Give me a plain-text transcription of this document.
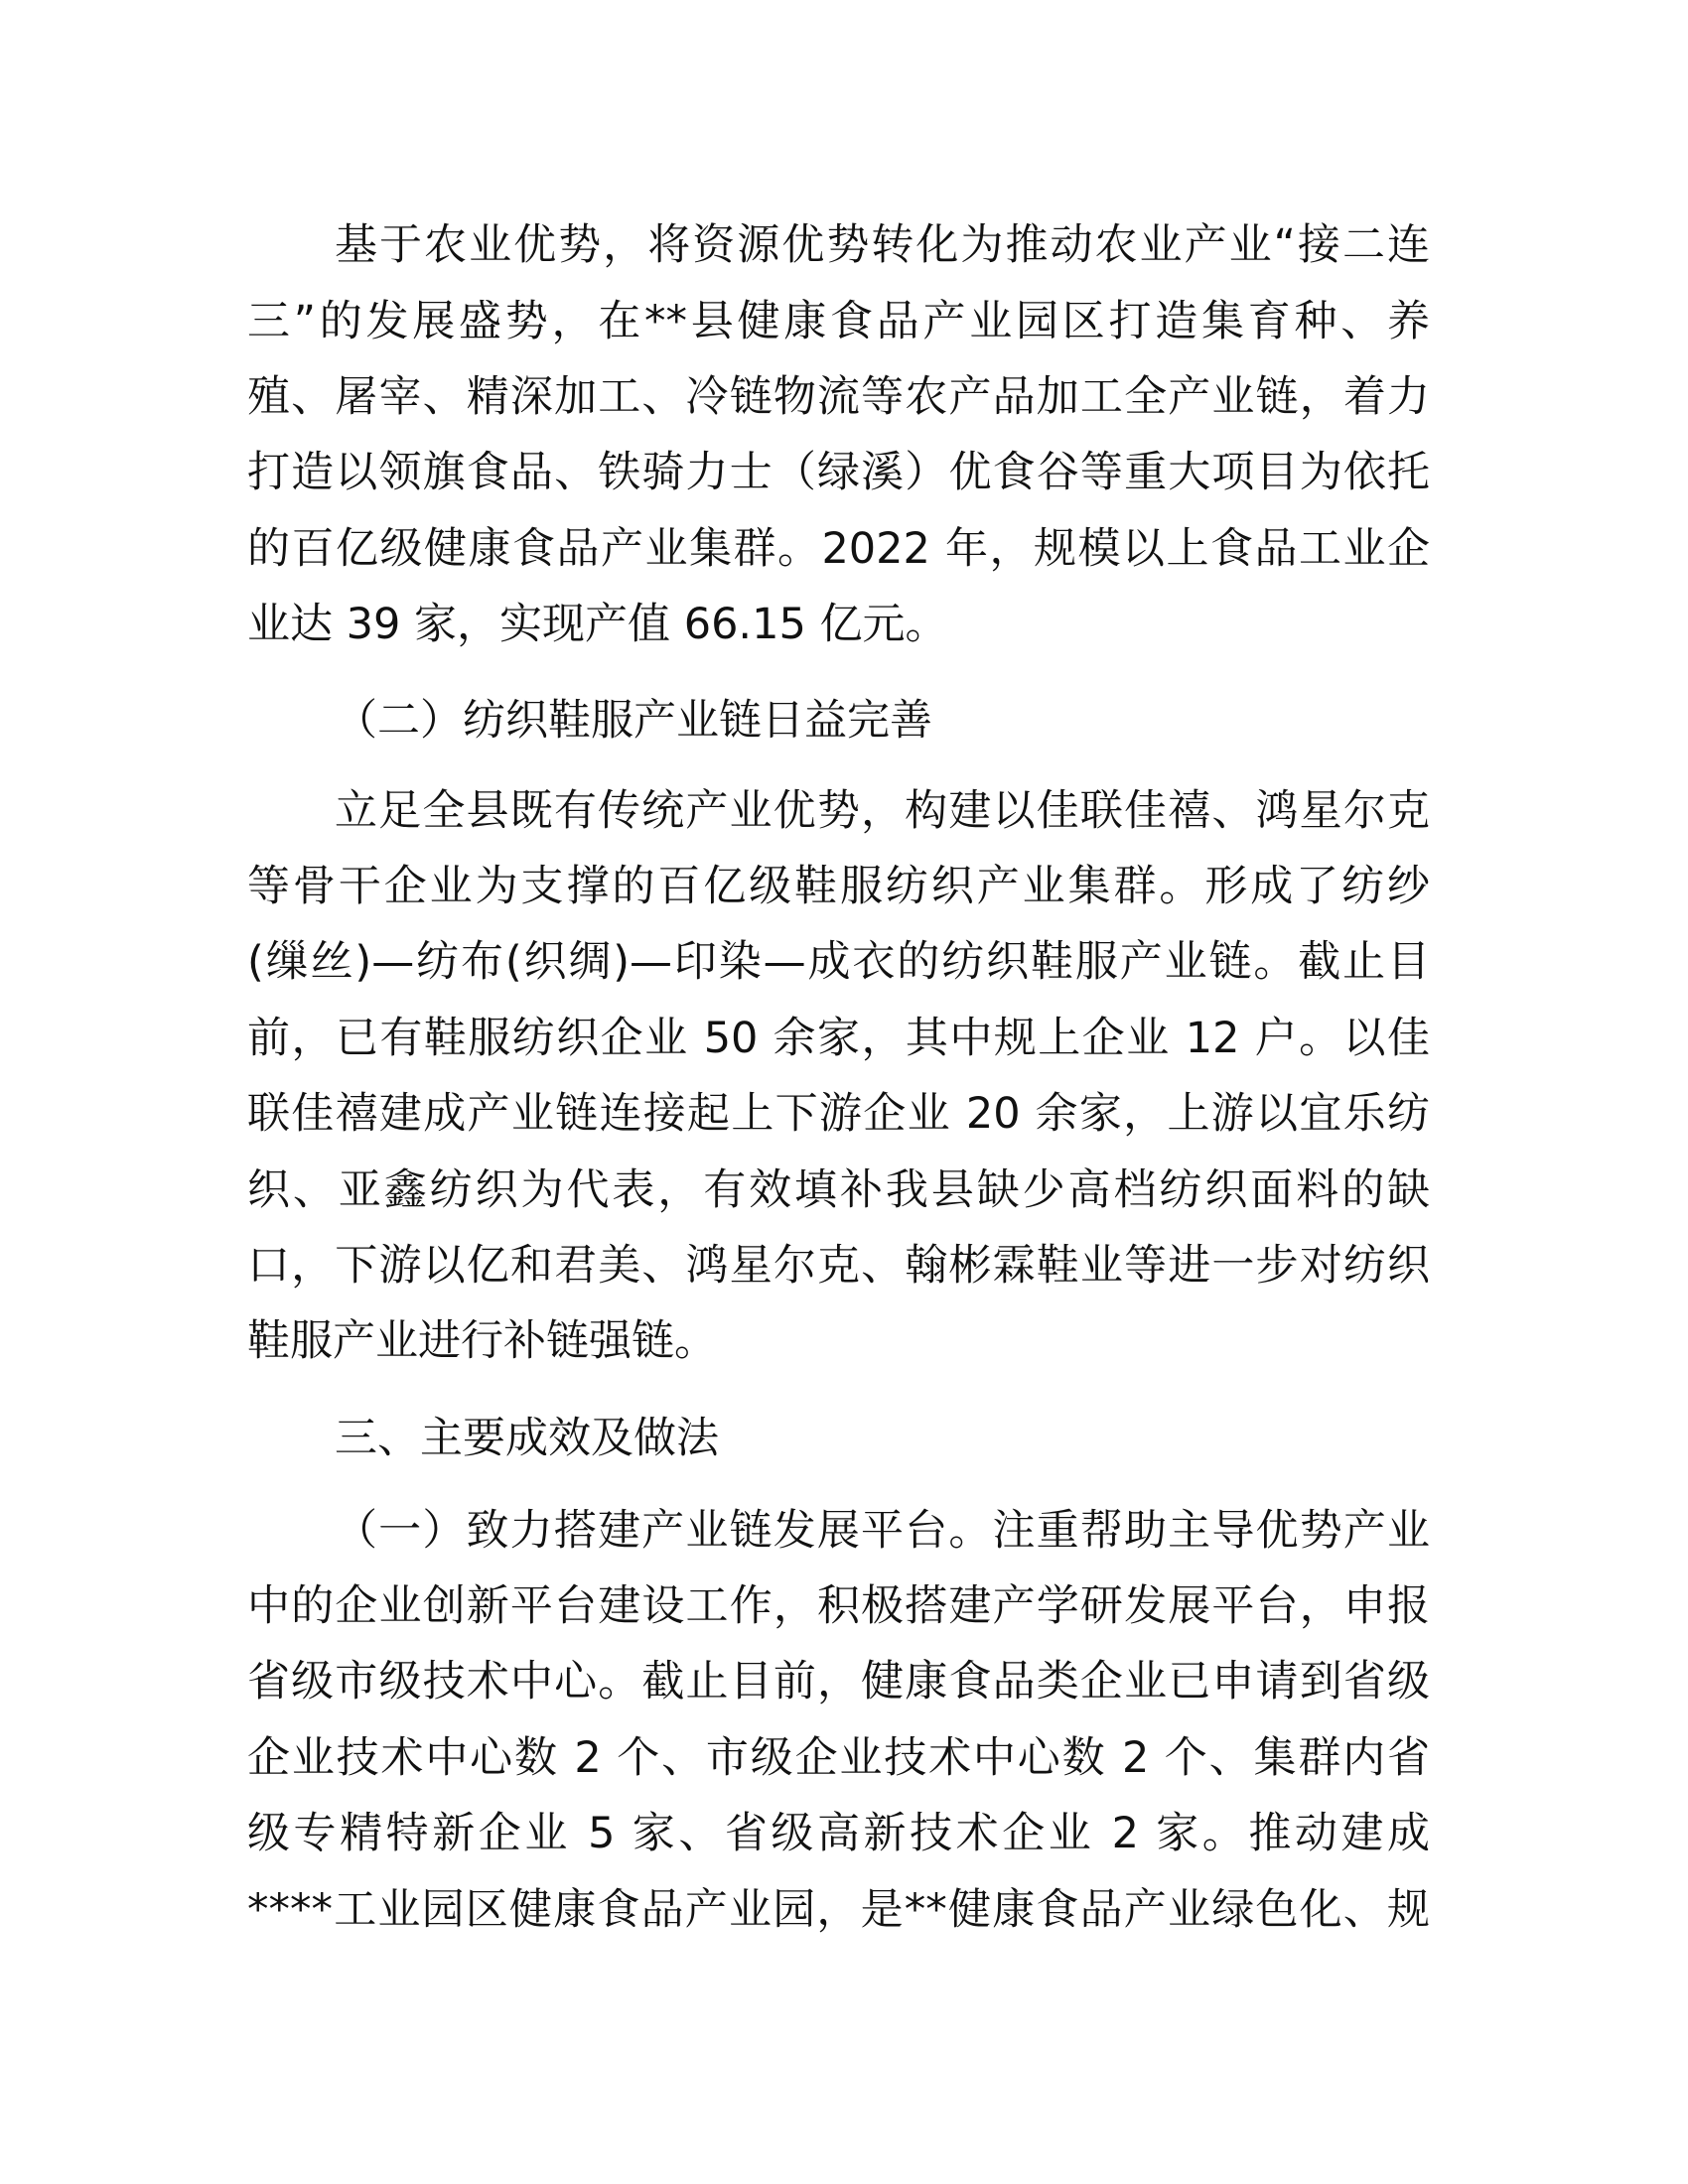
基于农业优势，将资源优势转化为推动农业产业“接二连
三”的发展盛势，在**县健康食品产业园区打造集育种、养
殖、屠宰、精深加工、冷链物流等农产品加工全产业链，着力
打造以领旗食品、铁骑力士（绿溪）优食谷等重大项目为依托
的百亿级健康食品产业集群。2022 年，规模以上食品工业企
业达 39 家，实现产值 66.15 亿元。
（二）纺织鞋服产业链日益完善
立足全县既有传统产业优势，构建以佳联佳禧、鸿星尔克
等骨干企业为支撑的百亿级鞋服纺织产业集群。形成了纺纱
(缫丝)—纺布(织绸)—印染—成衣的纺织鞋服产业链。截止目
前，已有鞋服纺织企业 50 余家，其中规上企业 12 户。以佳
联佳禧建成产业链连接起上下游企业 20 余家，上游以宜乐纺
织、亚鑫纺织为代表，有效填补我县缺少高档纺织面料的缺
口，下游以亿和君美、鸿星尔克、翰彬霖鞋业等进一步对纺织
鞋服产业进行补链强链。
三、主要成效及做法
（一）致力搭建产业链发展平台。注重帮助主导优势产业
中的企业创新平台建设工作，积极搭建产学研发展平台，申报
省级市级技术中心。截止目前，健康食品类企业已申请到省级
企业技术中心数 2 个、市级企业技术中心数 2 个、集群内省
级专精特新企业 5 家、省级高新技术企业 2 家。推动建成
****工业园区健康食品产业园，是**健康食品产业绿色化、规
